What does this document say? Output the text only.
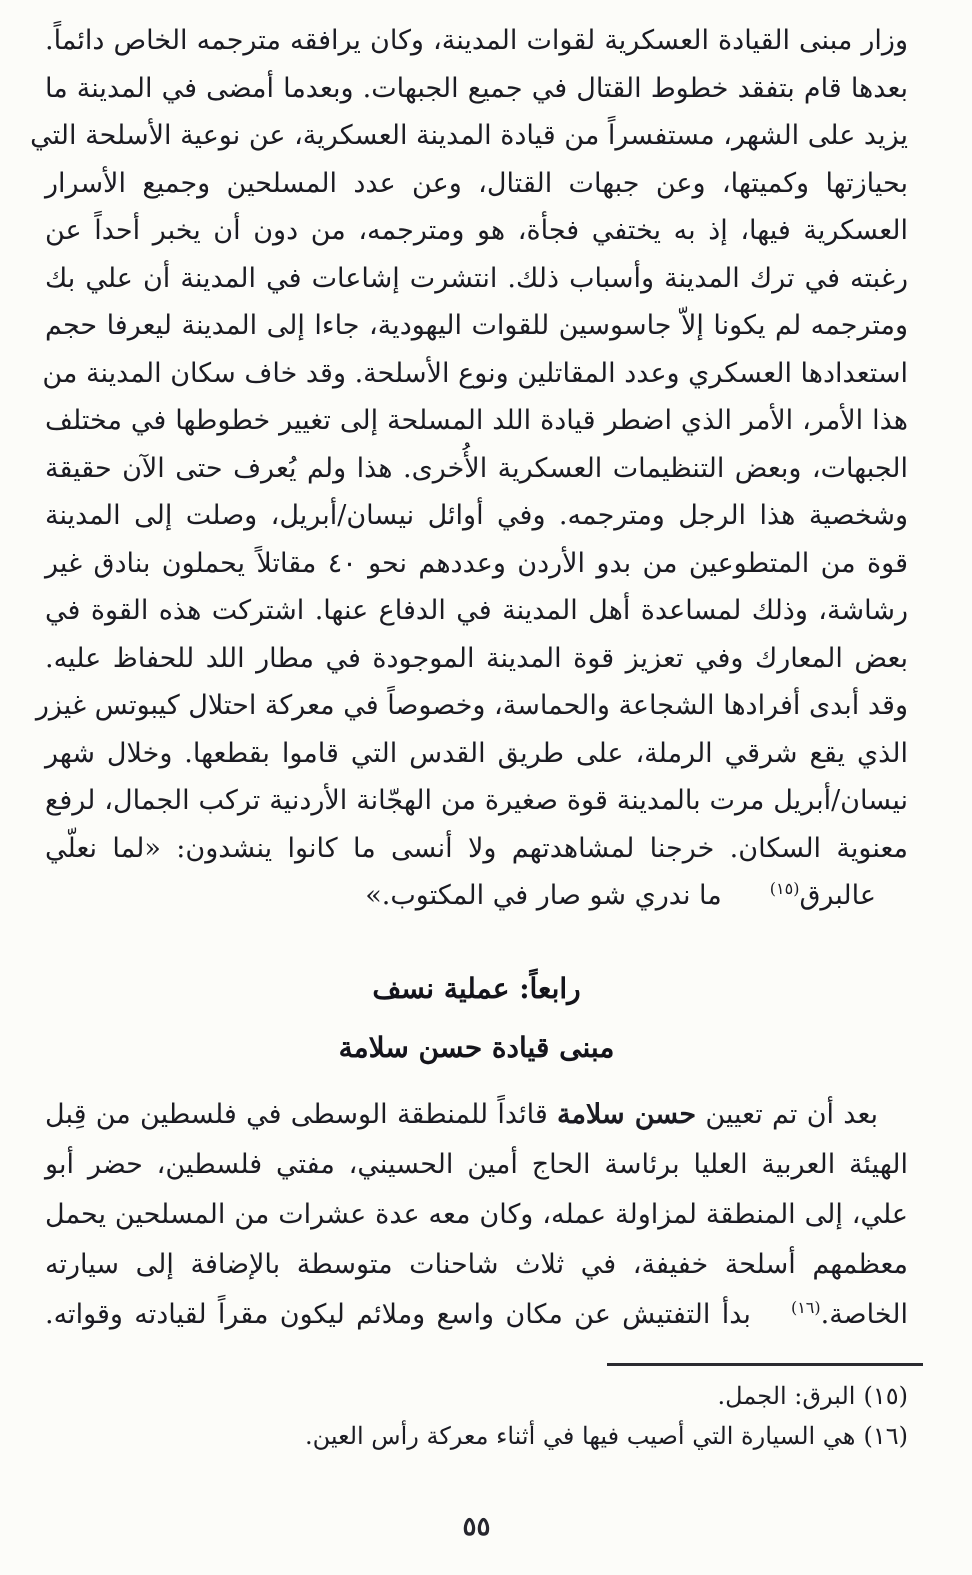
وزار مبنى القيادة العسكرية لقوات المدينة، وكان يرافقه مترجمه الخاص دائماً.
بعدها قام بتفقد خطوط القتال في جميع الجبهات. وبعدما أمضى في المدينة ما
يزيد على الشهر، مستفسراً من قيادة المدينة العسكرية، عن نوعية الأسلحة التي
بحيازتها وكميتها، وعن جبهات القتال، وعن عدد المسلحين وجميع الأسرار
العسكرية فيها، إذ به يختفي فجأة، هو ومترجمه، من دون أن يخبر أحداً عن
رغبته في ترك المدينة وأسباب ذلك. انتشرت إشاعات في المدينة أن علي بك
ومترجمه لم يكونا إلاّ جاسوسين للقوات اليهودية، جاءا إلى المدينة ليعرفا حجم
استعدادها العسكري وعدد المقاتلين ونوع الأسلحة. وقد خاف سكان المدينة من
هذا الأمر، الأمر الذي اضطر قيادة اللد المسلحة إلى تغيير خطوطها في مختلف
الجبهات، وبعض التنظيمات العسكرية الأُخرى. هذا ولم يُعرف حتى الآن حقيقة
وشخصية هذا الرجل ومترجمه. وفي أوائل نيسان/أبريل، وصلت إلى المدينة
قوة من المتطوعين من بدو الأردن وعددهم نحو ٤٠ مقاتلاً يحملون بنادق غير
رشاشة، وذلك لمساعدة أهل المدينة في الدفاع عنها. اشتركت هذه القوة في
بعض المعارك وفي تعزيز قوة المدينة الموجودة في مطار اللد للحفاظ عليه.
وقد أبدى أفرادها الشجاعة والحماسة، وخصوصاً في معركة احتلال كيبوتس غيزر
الذي يقع شرقي الرملة، على طريق القدس التي قاموا بقطعها. وخلال شهر
نيسان/أبريل مرت بالمدينة قوة صغيرة من الهجّانة الأردنية تركب الجمال، لرفع
معنوية السكان. خرجنا لمشاهدتهم ولا أنسى ما كانوا ينشدون: «لما نعلّي
عالبرق$^{(١٥)}$ما ندري شو صار في المكتوب.»
رابعاً: عملية نسف
مبنى قيادة حسن سلامة
بعد أن تم تعيين حسن سلامة قائداً للمنطقة الوسطى في فلسطين من قِبل
الهيئة العربية العليا برئاسة الحاج أمين الحسيني، مفتي فلسطين، حضر أبو
علي، إلى المنطقة لمزاولة عمله، وكان معه عدة عشرات من المسلحين يحمل
معظمهم أسلحة خفيفة، في ثلاث شاحنات متوسطة بالإضافة إلى سيارته
الخاصة.$^{(١٦)}$بدأ التفتيش عن مكان واسع وملائم ليكون مقراً لقيادته وقواته.
(١٥)البرق: الجمل.
(١٦)هي السيارة التي أصيب فيها في أثناء معركة رأس العين.
٥٥
